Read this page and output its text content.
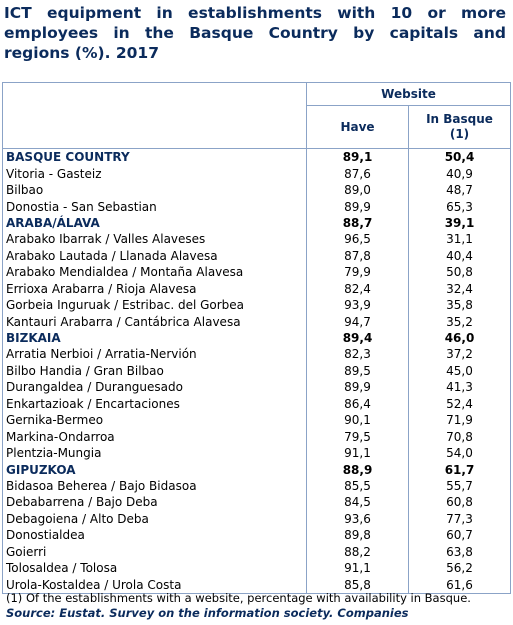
ICT equipment in establishments with 10 or more employees in the Basque Country by capitals and regions (%). 2017
	Website	
	Have	In Basque
(1)
BASQUE COUNTRY	89,1	50,4
Vitoria - Gasteiz	87,6	40,9
Bilbao	89,0	48,7
Donostia - San Sebastian	89,9	65,3
ARABA/ÁLAVA	88,7	39,1
Arabako Ibarrak / Valles Alaveses	96,5	31,1
Arabako Lautada / Llanada Alavesa	87,8	40,4
Arabako Mendialdea / Montaña Alavesa	79,9	50,8
Errioxa Arabarra / Rioja Alavesa	82,4	32,4
Gorbeia Inguruak / Estribac. del Gorbea	93,9	35,8
Kantauri Arabarra / Cantábrica Alavesa	94,7	35,2
BIZKAIA	89,4	46,0
Arratia Nerbioi / Arratia-Nervión	82,3	37,2
Bilbo Handia / Gran Bilbao	89,5	45,0
Durangaldea / Duranguesado	89,9	41,3
Enkartazioak / Encartaciones	86,4	52,4
Gernika-Bermeo	90,1	71,9
Markina-Ondarroa	79,5	70,8
Plentzia-Mungia	91,1	54,0
GIPUZKOA	88,9	61,7
Bidasoa Beherea / Bajo Bidasoa	85,5	55,7
Debabarrena / Bajo Deba	84,5	60,8
Debagoiena / Alto Deba	93,6	77,3
Donostialdea	89,8	60,7
Goierri	88,2	63,8
Tolosaldea / Tolosa	91,1	56,2
Urola-Kostaldea / Urola Costa	85,8	61,6
(1) Of the establishments with a website, percentage with availability in Basque.
Source: Eustat. Survey on the information society. Companies
